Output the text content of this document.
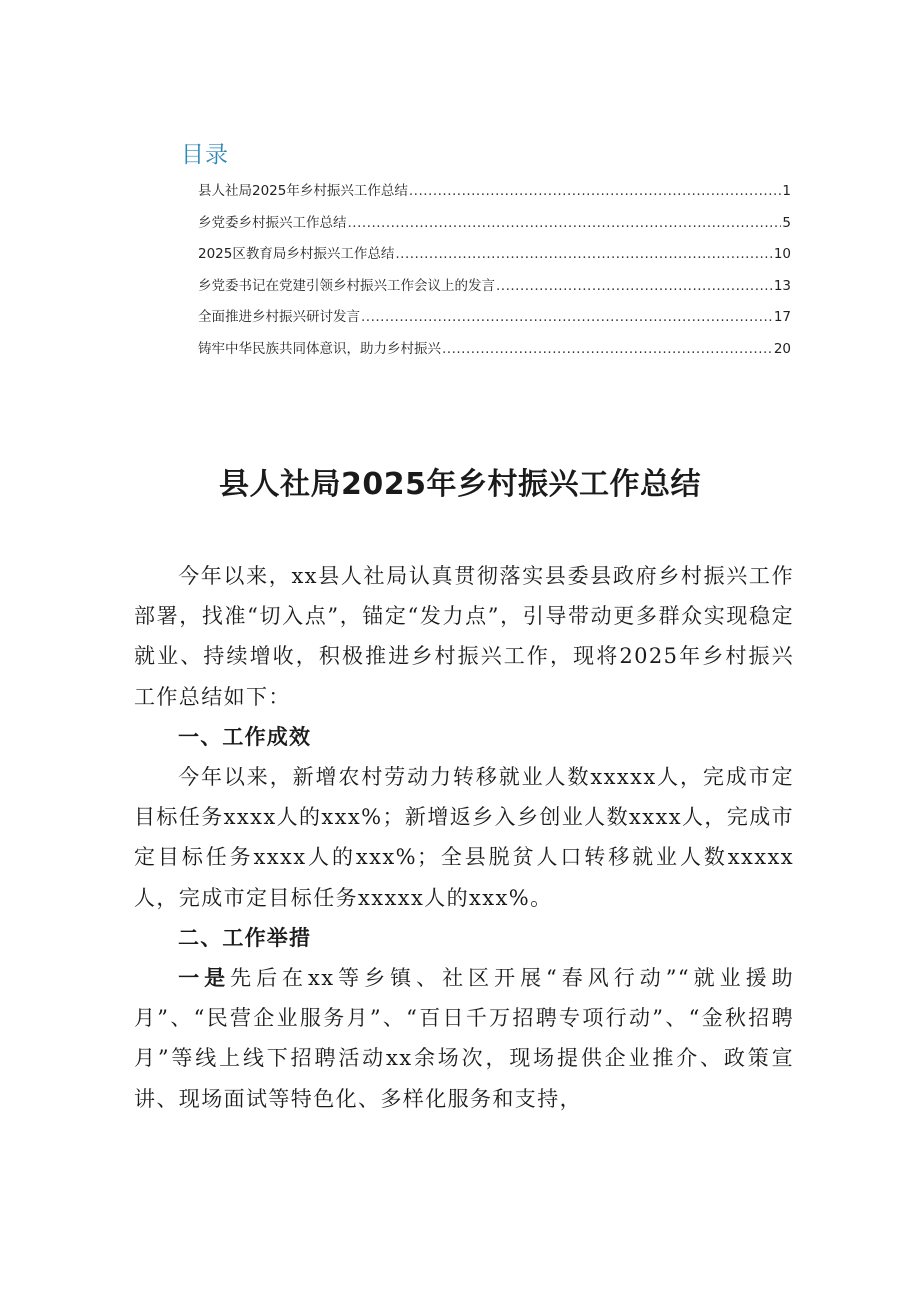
目录
县人社局2025年乡村振兴工作总结 .....	1
乡党委乡村振兴工作总结 .....	5
2025区教育局乡村振兴工作总结 .....	10
乡党委书记在党建引领乡村振兴工作会议上的发言 .....	13
全面推进乡村振兴研讨发言 .....	17
铸牢中华民族共同体意识，助力乡村振兴 .....	20
县人社局2025年乡村振兴工作总结

今年以来，xx县人社局认真贯彻落实县委县政府乡村振兴工作部署，找准“切入点”，锚定“发力点”，引导带动更多群众实现稳定就业、持续增收，积极推进乡村振兴工作，现将2025年乡村振兴工作总结如下：

一、工作成效

今年以来，新增农村劳动力转移就业人数xxxxx人，完成市定目标任务xxxx人的xxx%；新增返乡入乡创业人数xxxx人，完成市定目标任务xxxx人的xxx%；全县脱贫人口转移就业人数xxxxx人，完成市定目标任务xxxxx人的xxx%。

二、工作举措

一是先后在xx等乡镇、社区开展“春风行动”“就业援助月”、“民营企业服务月”、“百日千万招聘专项行动”、“金秋招聘月”等线上线下招聘活动xx余场次，现场提供企业推介、政策宣讲、现场面试等特色化、多样化服务和支持，
